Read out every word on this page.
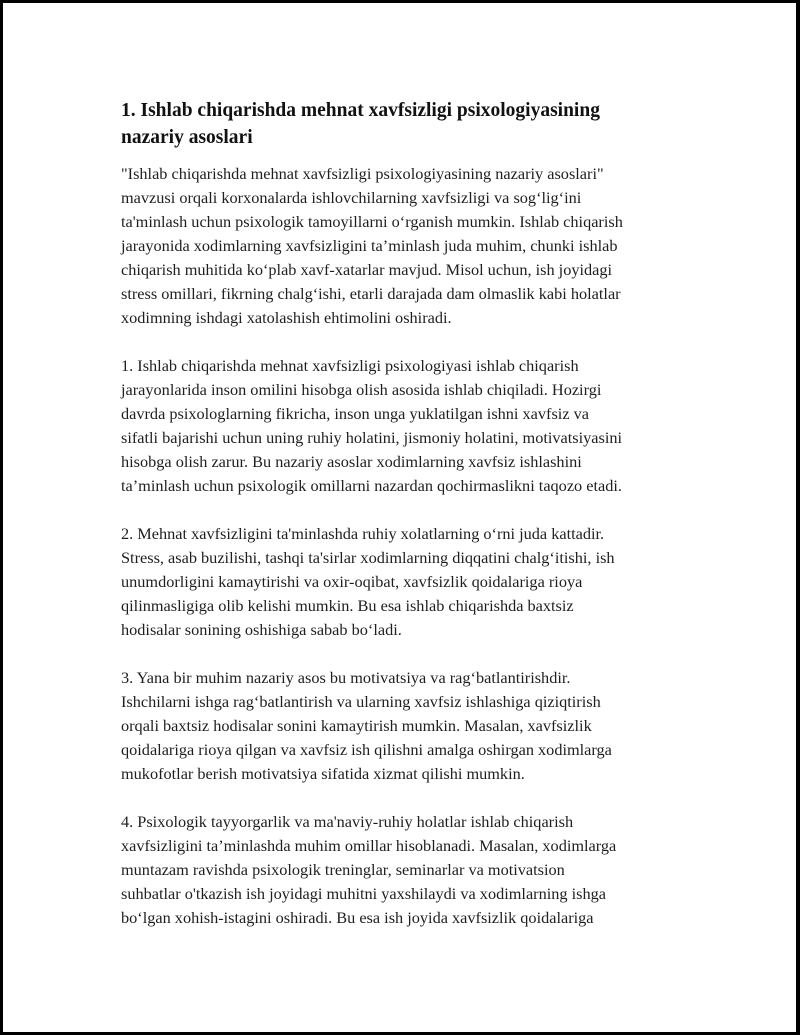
1. Ishlab chiqarishda mehnat xavfsizligi psixologiyasining
nazariy asoslari

"Ishlab chiqarishda mehnat xavfsizligi psixologiyasining nazariy asoslari"
mavzusi orqali korxonalarda ishlovchilarning xavfsizligi va sog‘lig‘ini
ta'minlash uchun psixologik tamoyillarni o‘rganish mumkin. Ishlab chiqarish
jarayonida xodimlarning xavfsizligini ta’minlash juda muhim, chunki ishlab
chiqarish muhitida ko‘plab xavf-xatarlar mavjud. Misol uchun, ish joyidagi
stress omillari, fikrning chalg‘ishi, etarli darajada dam olmaslik kabi holatlar
xodimning ishdagi xatolashish ehtimolini oshiradi.

1. Ishlab chiqarishda mehnat xavfsizligi psixologiyasi ishlab chiqarish
jarayonlarida inson omilini hisobga olish asosida ishlab chiqiladi. Hozirgi
davrda psixologlarning fikricha, inson unga yuklatilgan ishni xavfsiz va
sifatli bajarishi uchun uning ruhiy holatini, jismoniy holatini, motivatsiyasini
hisobga olish zarur. Bu nazariy asoslar xodimlarning xavfsiz ishlashini
ta’minlash uchun psixologik omillarni nazardan qochirmaslikni taqozo etadi.

2. Mehnat xavfsizligini ta'minlashda ruhiy xolatlarning o‘rni juda kattadir.
Stress, asab buzilishi, tashqi ta'sirlar xodimlarning diqqatini chalg‘itishi, ish
unumdorligini kamaytirishi va oxir-oqibat, xavfsizlik qoidalariga rioya
qilinmasligiga olib kelishi mumkin. Bu esa ishlab chiqarishda baxtsiz
hodisalar sonining oshishiga sabab bo‘ladi.

3. Yana bir muhim nazariy asos bu motivatsiya va rag‘batlantirishdir.
Ishchilarni ishga rag‘batlantirish va ularning xavfsiz ishlashiga qiziqtirish
orqali baxtsiz hodisalar sonini kamaytirish mumkin. Masalan, xavfsizlik
qoidalariga rioya qilgan va xavfsiz ish qilishni amalga oshirgan xodimlarga
mukofotlar berish motivatsiya sifatida xizmat qilishi mumkin.

4. Psixologik tayyorgarlik va ma'naviy-ruhiy holatlar ishlab chiqarish
xavfsizligini ta’minlashda muhim omillar hisoblanadi. Masalan, xodimlarga
muntazam ravishda psixologik treninglar, seminarlar va motivatsion
suhbatlar o'tkazish ish joyidagi muhitni yaxshilaydi va xodimlarning ishga
bo‘lgan xohish-istagini oshiradi. Bu esa ish joyida xavfsizlik qoidalariga
